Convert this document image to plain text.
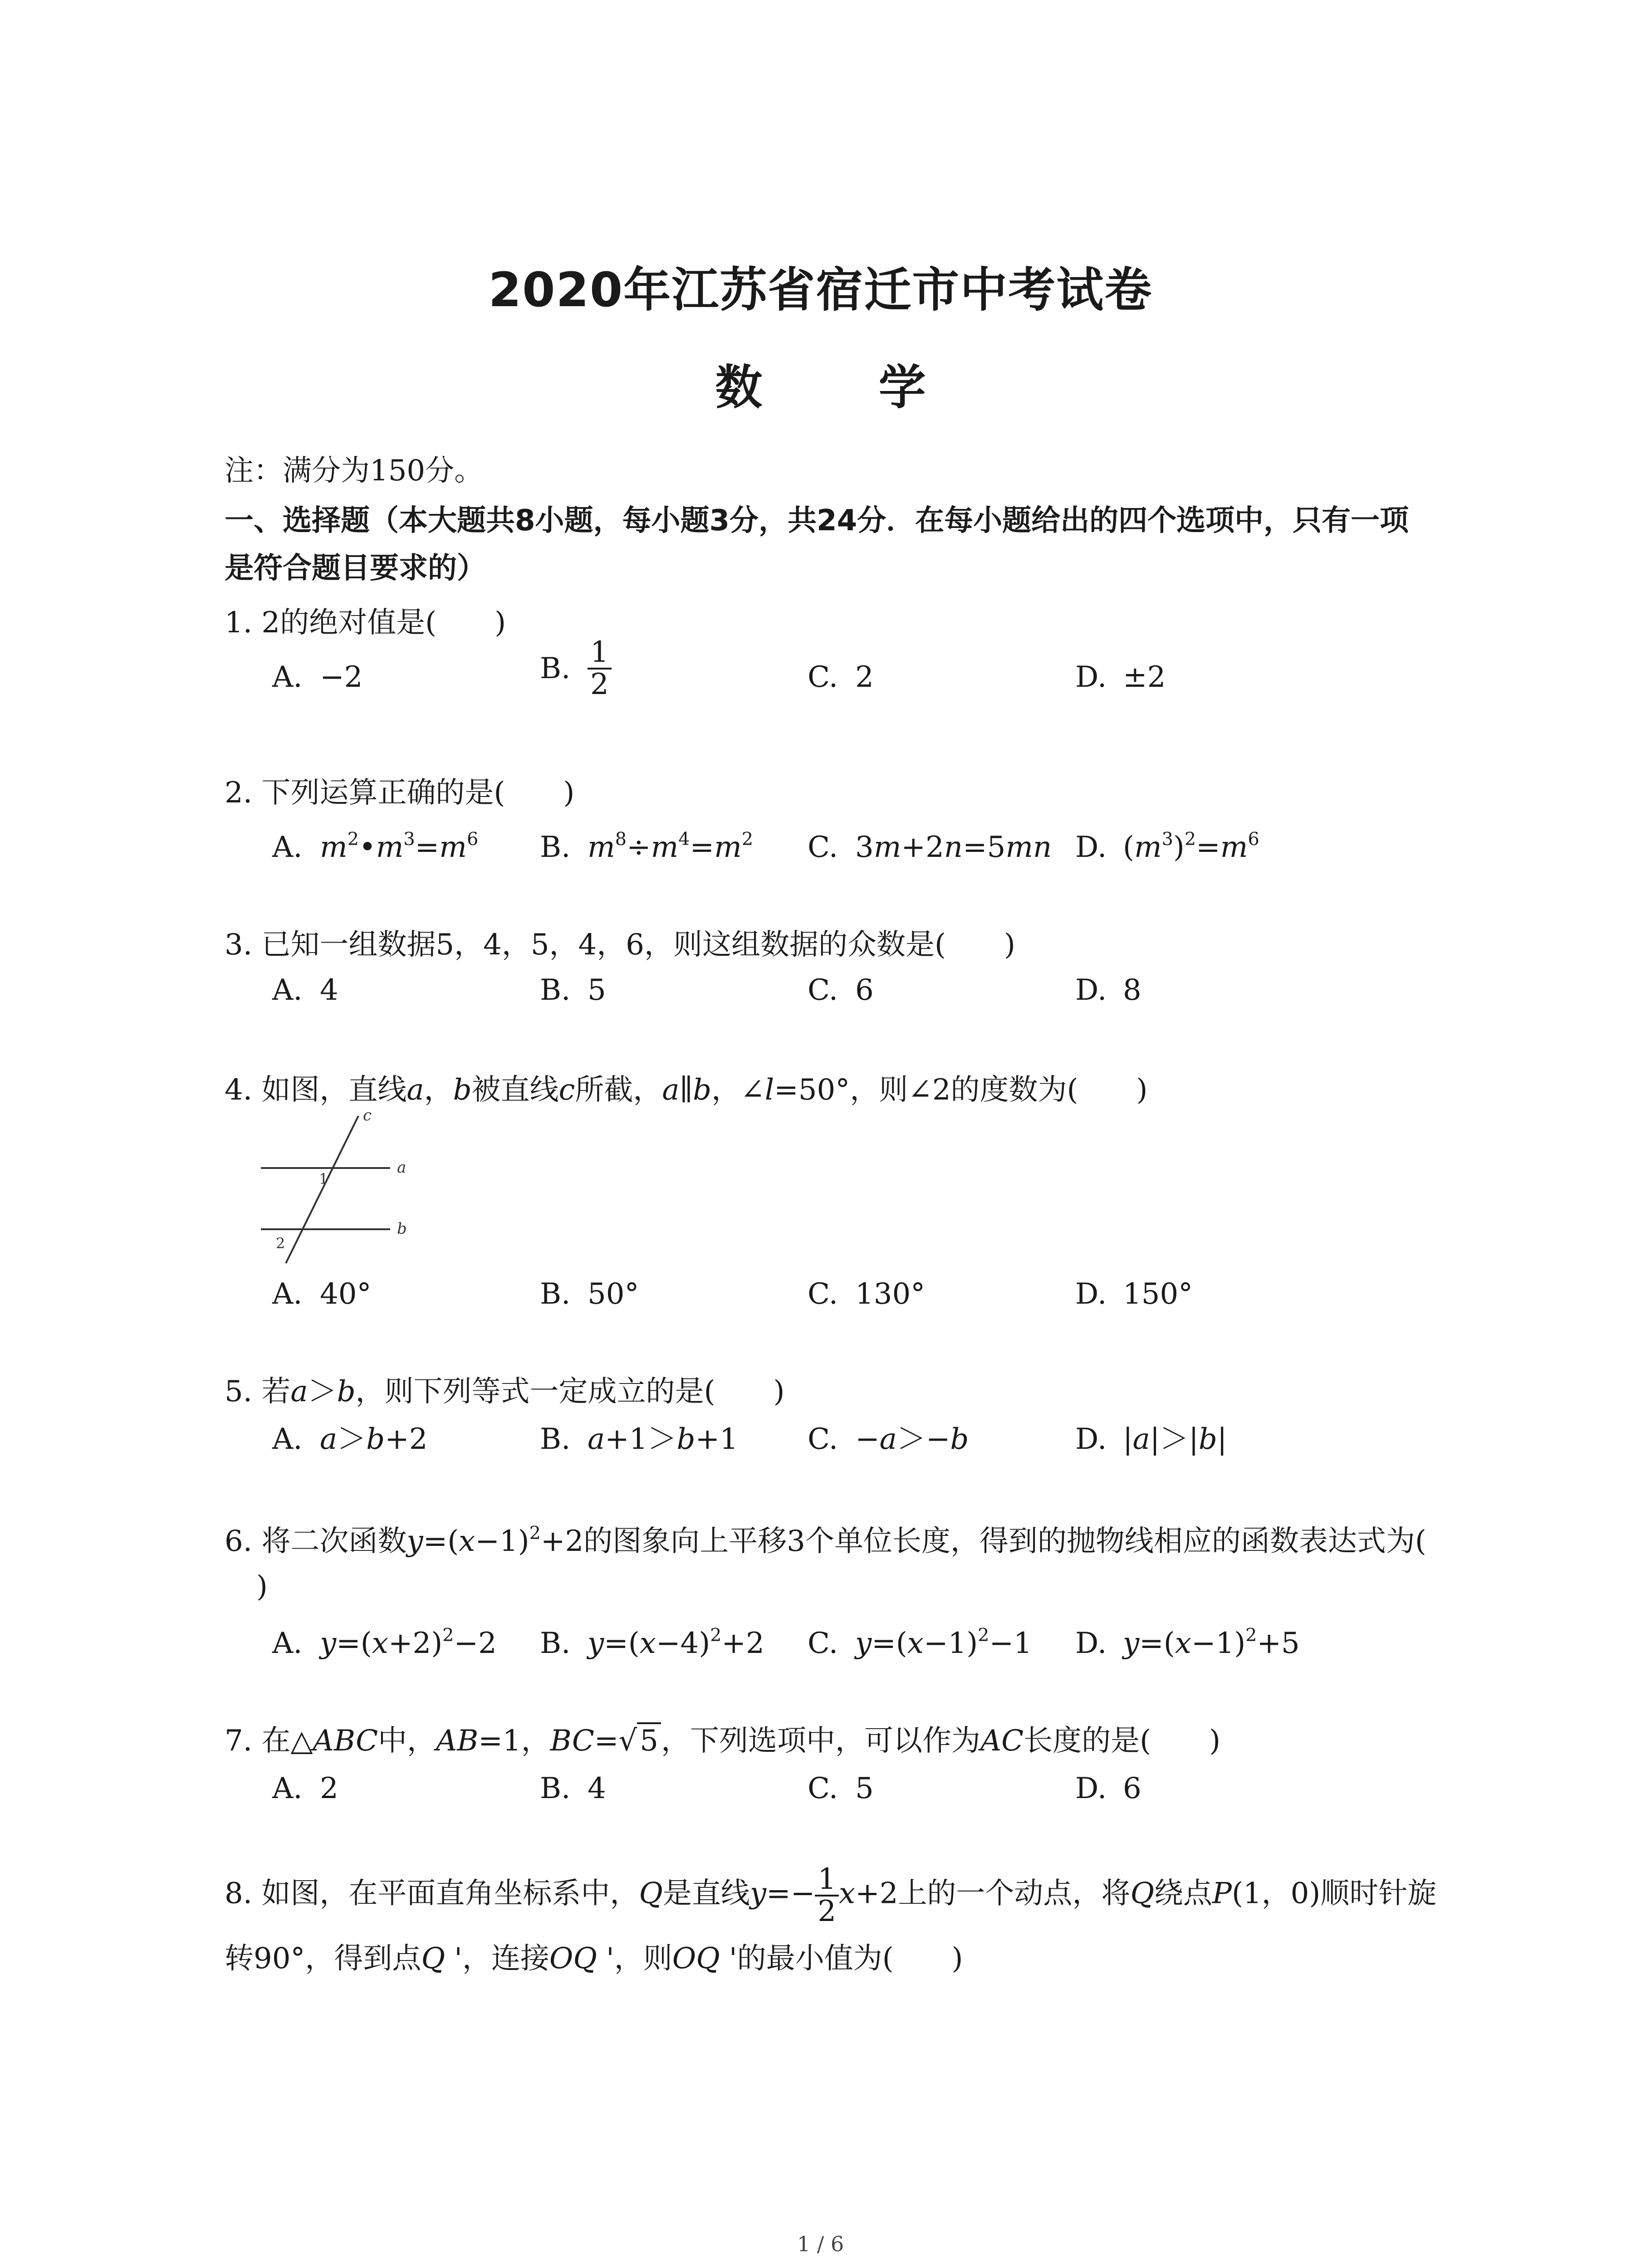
2020年江苏省宿迁市中考试卷
数 学
注：满分为150分。
一、选择题（本大题共8小题，每小题3分，共24分．在每小题给出的四个选项中，只有一项
是符合题目要求的）
1. 2的绝对值是(　　)
A. −2	B. $\frac{1}{2}$	C. 2	D. ±2
2. 下列运算正确的是(　　)
A. $m^2•m^3=m^6$ B. $m^8\div m^4=m^2$ C. 3m+2n=5mn D. $(m^3)^2=m^6$
3. 已知一组数据5，4，5，4，6，则这组数据的众数是(　　)
A. 4	B. 5	C. 6	D. 8
4. 如图，直线a，b被直线c所截，a∥b，∠l=50°，则∠2的度数为(　　)
c
a
b
1
2
A. 40°	B. 50°	C. 130°	D. 150°
5. 若a＞b，则下列等式一定成立的是(　　)
A. a＞b+2	B. a+1＞b+1 C. −a＞−b	D. |a|＞|b|
6. 将二次函数$y=(x-1)^2+2$的图象向上平移3个单位长度，得到的抛物线相应的函数表达式为(
)
A. $y=(x+2)^2-2$ B. $y=(x-4)^2+2$ C. $y=(x-1)^2-1$ D. $y=(x-1)^2+5$
7. 在△ABC中，AB=1，BC=√5，下列选项中，可以作为AC长度的是(　　)
A. 2	B. 4	C. 5	D. 6
8. 如图，在平面直角坐标系中，Q是直线$y=- \frac{1}{2} x+2$上的一个动点，将Q绕点P(1，0)顺时针旋
转90°，得到点Q '，连接OQ '，则OQ '的最小值为(　　)
1 / 6
